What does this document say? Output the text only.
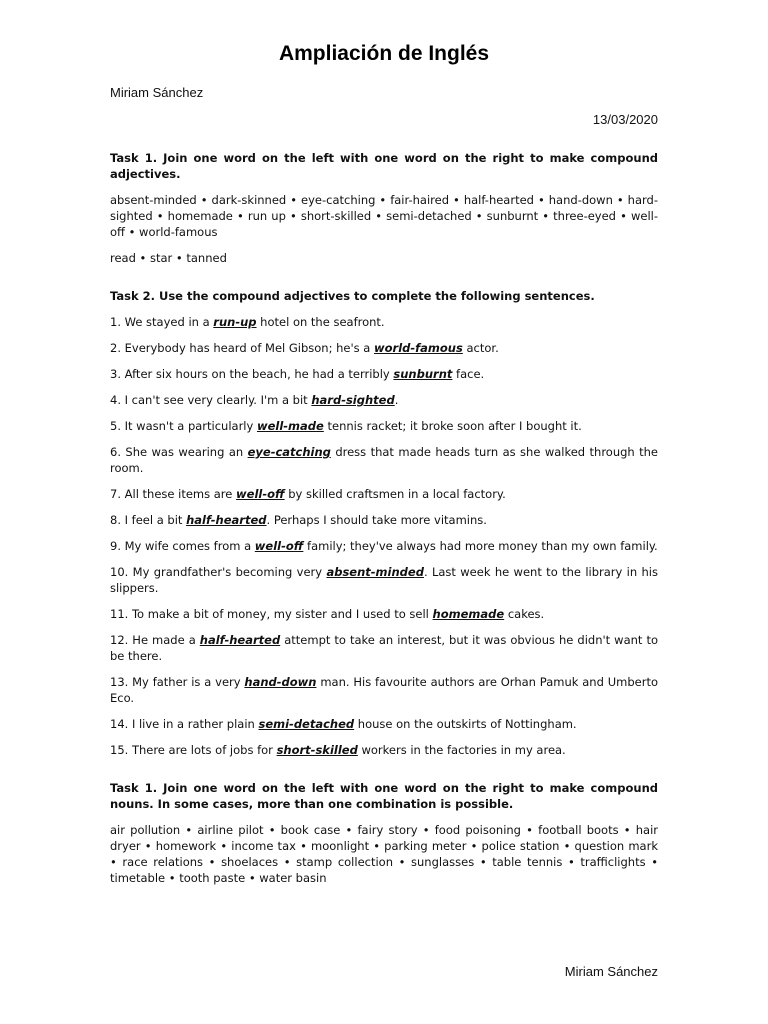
Ampliación de Inglés
Miriam Sánchez
13/03/2020

Task 1. Join one word on the left with one word on the right to make compound adjectives.

absent-minded • dark-skinned • eye-catching • fair-haired • half-hearted • hand-down • hard-sighted • homemade • run up • short-skilled • semi-detached • sunburnt • three-eyed • well-off • world-famous

read • star • tanned

Task 2. Use the compound adjectives to complete the following sentences.

1. We stayed in a run-up hotel on the seafront.

2. Everybody has heard of Mel Gibson; he's a world-famous actor.

3. After six hours on the beach, he had a terribly sunburnt face.

4. I can't see very clearly. I'm a bit hard-sighted.

5. It wasn't a particularly well-made tennis racket; it broke soon after I bought it.

6. She was wearing an eye-catching dress that made heads turn as she walked through the room.

7. All these items are well-off by skilled craftsmen in a local factory.

8. I feel a bit half-hearted. Perhaps I should take more vitamins.

9. My wife comes from a well-off family; they've always had more money than my own family.

10. My grandfather's becoming very absent-minded. Last week he went to the library in his slippers.

11. To make a bit of money, my sister and I used to sell homemade cakes.

12. He made a half-hearted attempt to take an interest, but it was obvious he didn't want to be there.

13. My father is a very hand-down man. His favourite authors are Orhan Pamuk and Umberto Eco.

14. I live in a rather plain semi-detached house on the outskirts of Nottingham.

15. There are lots of jobs for short-skilled workers in the factories in my area.

Task 1. Join one word on the left with one word on the right to make compound nouns. In some cases, more than one combination is possible.

air pollution • airline pilot • book case • fairy story • food poisoning • football boots • hair dryer • homework • income tax • moonlight • parking meter • police station • question mark • race relations • shoelaces • stamp collection • sunglasses • table tennis • trafficlights • timetable • tooth paste • water basin

Miriam Sánchez
